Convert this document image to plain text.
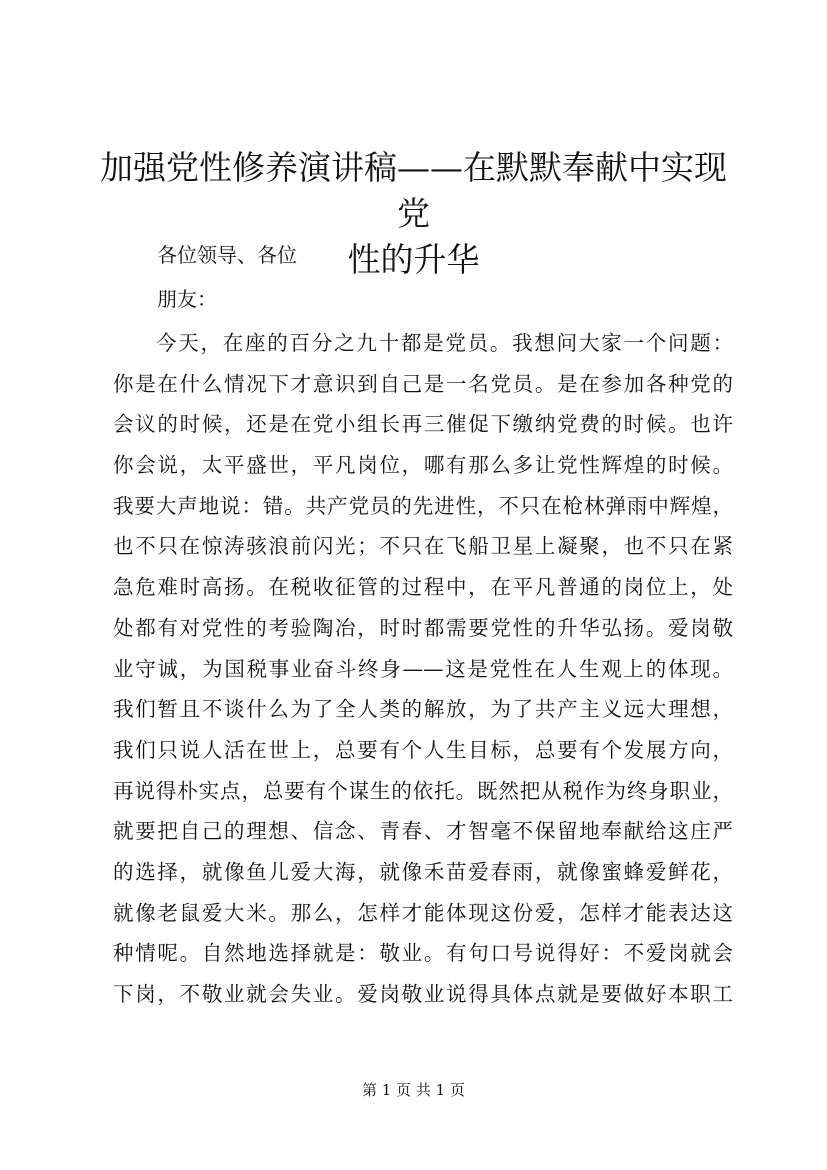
加强党性修养演讲稿——在默默奉献中实现党
性的升华

各位领导、各位

朋友：

今天，在座的百分之九十都是党员。我想问大家一个问题：
你是在什么情况下才意识到自己是一名党员。是在参加各种党的
会议的时候，还是在党小组长再三催促下缴纳党费的时候。也许
你会说，太平盛世，平凡岗位，哪有那么多让党性辉煌的时候。
我要大声地说：错。共产党员的先进性，不只在枪林弹雨中辉煌，
也不只在惊涛骇浪前闪光；不只在飞船卫星上凝聚，也不只在紧
急危难时高扬。在税收征管的过程中，在平凡普通的岗位上，处
处都有对党性的考验陶冶，时时都需要党性的升华弘扬。爱岗敬
业守诚，为国税事业奋斗终身——这是党性在人生观上的体现。
我们暂且不谈什么为了全人类的解放，为了共产主义远大理想，
我们只说人活在世上，总要有个人生目标，总要有个发展方向，
再说得朴实点，总要有个谋生的依托。既然把从税作为终身职业，
就要把自己的理想、信念、青春、才智毫不保留地奉献给这庄严
的选择，就像鱼儿爱大海，就像禾苗爱春雨，就像蜜蜂爱鲜花，
就像老鼠爱大米。那么，怎样才能体现这份爱，怎样才能表达这
种情呢。自然地选择就是：敬业。有句口号说得好：不爱岗就会
下岗，不敬业就会失业。爱岗敬业说得具体点就是要做好本职工

第 1 页 共 1 页
